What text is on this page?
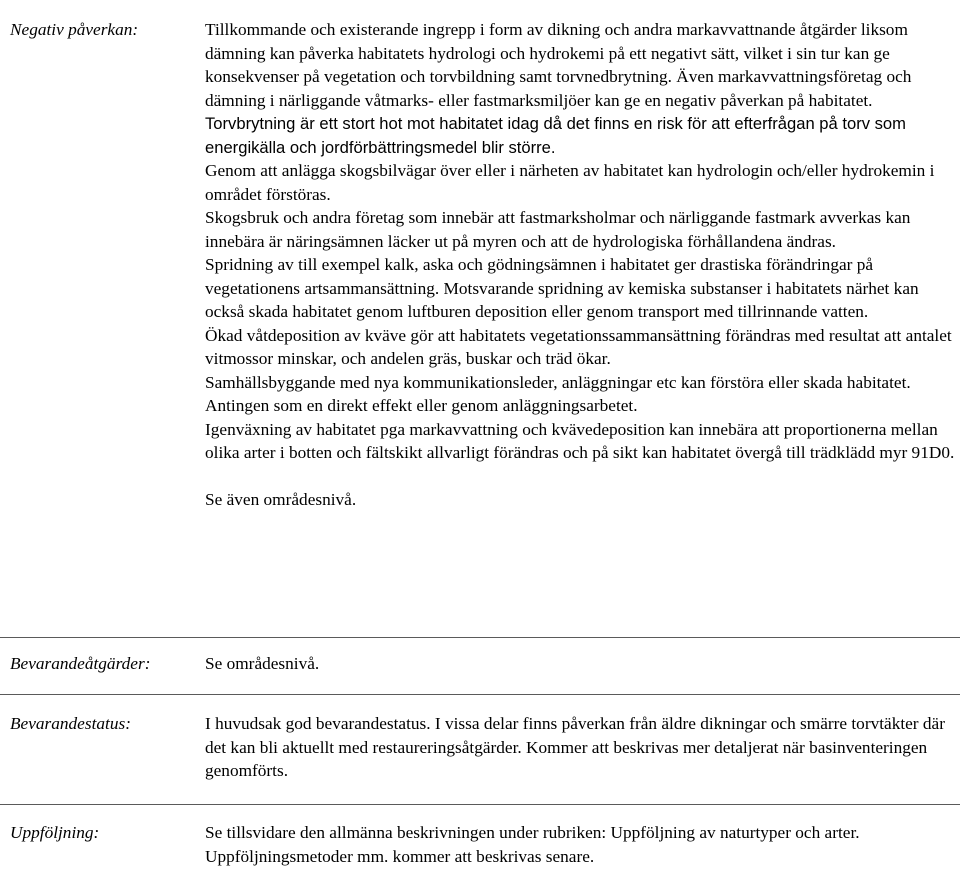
Negativ påverkan:	Tillkommande och existerande ingrepp i form av dikning och andra markavvattnande åtgärder liksom dämning kan påverka habitatets hydrologi och hydrokemi på ett negativt sätt, vilket i sin tur kan ge konsekvenser på vegetation och torvbildning samt torvnedbrytning. Även markavvattningsföretag och dämning i närliggande våtmarks- eller fastmarksmiljöer kan ge en negativ påverkan på habitatet.

Torvbrytning är ett stort hot mot habitatet idag då det finns en risk för att efterfrågan på torv som energikälla och jordförbättringsmedel blir större.

Genom att anlägga skogsbilvägar över eller i närheten av habitatet kan hydrologin och/eller hydrokemin i området förstöras.

Skogsbruk och andra företag som innebär att fastmarksholmar och närliggande fastmark avverkas kan innebära är näringsämnen läcker ut på myren och att de hydrologiska förhållandena ändras.

Spridning av till exempel kalk, aska och gödningsämnen i habitatet ger drastiska förändringar på vegetationens artsammansättning. Motsvarande spridning av kemiska substanser i habitatets närhet kan också skada habitatet genom luftburen deposition eller genom transport med tillrinnande vatten.

Ökad våtdeposition av kväve gör att habitatets vegetationssammansättning förändras med resultat att antalet vitmossor minskar, och andelen gräs, buskar och träd ökar.

Samhällsbyggande med nya kommunikationsleder, anläggningar etc kan förstöra eller skada habitatet. Antingen som en direkt effekt eller genom anläggningsarbetet.

Igenväxning av habitatet pga markavvattning och kvävedeposition kan innebära att proportionerna mellan olika arter i botten och fältskikt allvarligt förändras och på sikt kan habitatet övergå till trädklädd myr 91D0.

Se även områdesnivå.

Bevarandeåtgärder:	Se områdesnivå.

Bevarandestatus:	I huvudsak god bevarandestatus. I vissa delar finns påverkan från äldre dikningar och smärre torvtäkter där det kan bli aktuellt med restaureringsåtgärder. Kommer att beskrivas mer detaljerat när basinventeringen genomförts.

Uppföljning:	Se tillsvidare den allmänna beskrivningen under rubriken: Uppföljning av naturtyper och arter. Uppföljningsmetoder mm. kommer att beskrivas senare.
